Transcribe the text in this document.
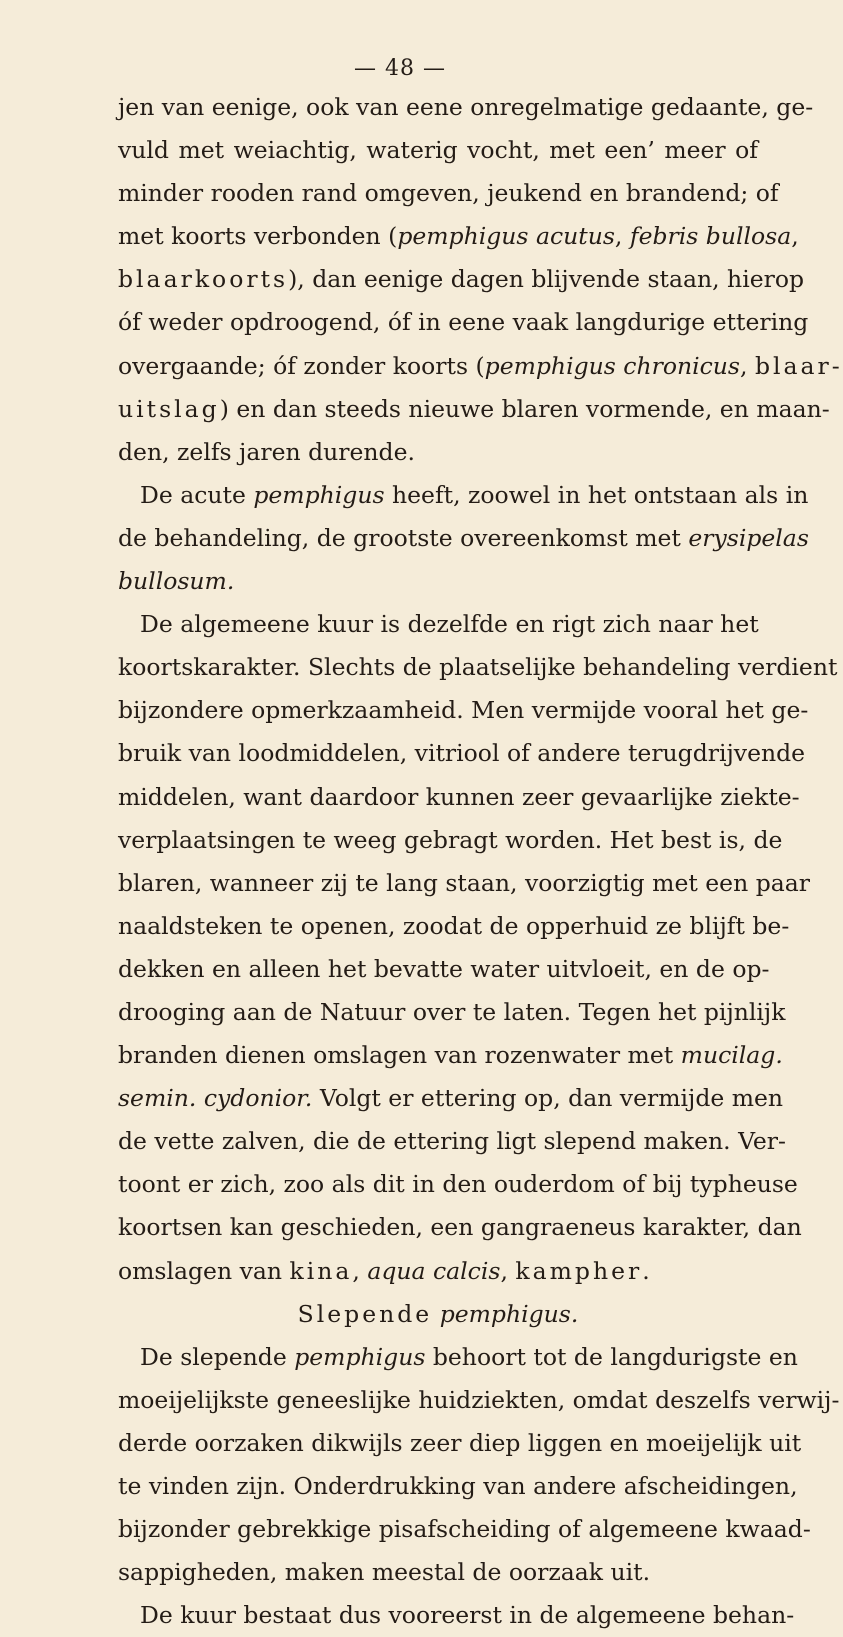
— 48 —
jen van eenige, ook van eene onregelmatige gedaante, ge-
vuld met weiachtig, waterig vocht, met een’ meer of
minder rooden rand omgeven, jeukend en brandend; of
met koorts verbonden (pemphigus acutus, febris bullosa,
blaarkoorts), dan eenige dagen blijvende staan, hierop
óf weder opdroogend, óf in eene vaak langdurige ettering
overgaande; óf zonder koorts (pemphigus chronicus, blaar-
uitslag) en dan steeds nieuwe blaren vormende, en maan-
den, zelfs jaren durende.
De acute pemphigus heeft, zoowel in het ontstaan als in
de behandeling, de grootste overeenkomst met erysipelas
bullosum.
De algemeene kuur is dezelfde en rigt zich naar het
koortskarakter. Slechts de plaatselijke behandeling verdient
bijzondere opmerkzaamheid. Men vermijde vooral het ge-
bruik van loodmiddelen, vitriool of andere terugdrijvende
middelen, want daardoor kunnen zeer gevaarlijke ziekte-
verplaatsingen te weeg gebragt worden. Het best is, de
blaren, wanneer zij te lang staan, voorzigtig met een paar
naaldsteken te openen, zoodat de opperhuid ze blijft be-
dekken en alleen het bevatte water uitvloeit, en de op-
drooging aan de Natuur over te laten. Tegen het pijnlijk
branden dienen omslagen van rozenwater met mucilag.
semin. cydonior. Volgt er ettering op, dan vermijde men
de vette zalven, die de ettering ligt slepend maken. Ver-
toont er zich, zoo als dit in den ouderdom of bij typheuse
koortsen kan geschieden, een gangraeneus karakter, dan
omslagen van kina, aqua calcis, kampher.
Slepende pemphigus.
De slepende pemphigus behoort tot de langdurigste en
moeijelijkste geneeslijke huidziekten, omdat deszelfs verwij-
derde oorzaken dikwijls zeer diep liggen en moeijelijk uit
te vinden zijn. Onderdrukking van andere afscheidingen,
bijzonder gebrekkige pisafscheiding of algemeene kwaad-
sappigheden, maken meestal de oorzaak uit.
De kuur bestaat dus vooreerst in de algemeene behan-
